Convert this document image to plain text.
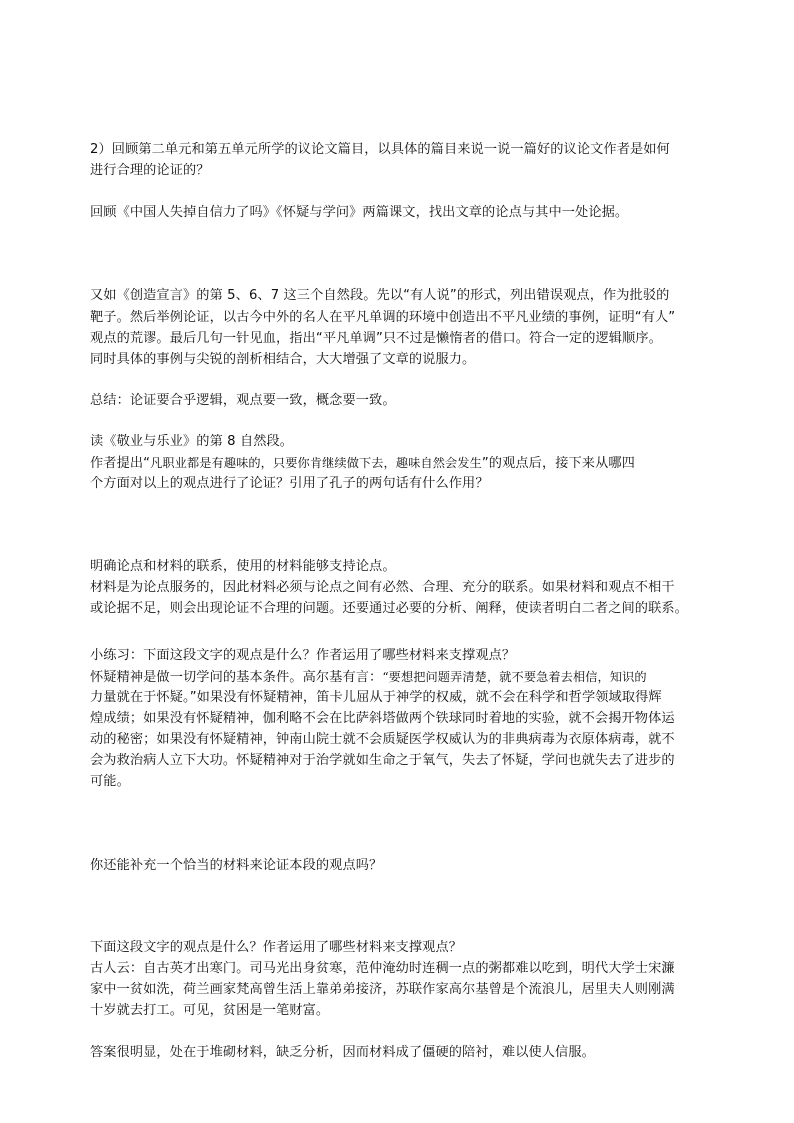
2）回顾第二单元和第五单元所学的议论文篇目，以具体的篇目来说一说一篇好的议论文作者是如何
进行合理的论证的？
回顾《中国人失掉自信力了吗》《怀疑与学问》两篇课文，找出文章的论点与其中一处论据。
又如《创造宣言》的第 5、6、7 这三个自然段。先以“有人说”的形式，列出错误观点，作为批驳的
靶子。然后举例论证，以古今中外的名人在平凡单调的环境中创造出不平凡业绩的事例，证明“有人”
观点的荒谬。最后几句一针见血，指出“平凡单调”只不过是懒惰者的借口。符合一定的逻辑顺序。
同时具体的事例与尖锐的剖析相结合，大大增强了文章的说服力。
总结：论证要合乎逻辑，观点要一致，概念要一致。
读《敬业与乐业》的第 8 自然段。
作者提出“凡职业都是有趣味的，只要你肯继续做下去，趣味自然会发生”的观点后，接下来从哪四
个方面对以上的观点进行了论证？引用了孔子的两句话有什么作用？
明确论点和材料的联系，使用的材料能够支持论点。
材料是为论点服务的，因此材料必须与论点之间有必然、合理、充分的联系。如果材料和观点不相干
或论据不足，则会出现论证不合理的问题。还要通过必要的分析、阐释，使读者明白二者之间的联系。
小练习：下面这段文字的观点是什么？作者运用了哪些材料来支撑观点？
怀疑精神是做一切学问的基本条件。高尔基有言：“要想把问题弄清楚，就不要急着去相信，知识的
力量就在于怀疑。”如果没有怀疑精神，笛卡儿屈从于神学的权威，就不会在科学和哲学领域取得辉
煌成绩；如果没有怀疑精神，伽利略不会在比萨斜塔做两个铁球同时着地的实验，就不会揭开物体运
动的秘密；如果没有怀疑精神，钟南山院士就不会质疑医学权威认为的非典病毒为衣原体病毒，就不
会为救治病人立下大功。怀疑精神对于治学就如生命之于氧气，失去了怀疑，学问也就失去了进步的
可能。
你还能补充一个恰当的材料来论证本段的观点吗？
下面这段文字的观点是什么？作者运用了哪些材料来支撑观点？
古人云：自古英才出寒门。司马光出身贫寒，范仲淹幼时连稠一点的粥都难以吃到，明代大学士宋濂
家中一贫如洗，荷兰画家梵高曾生活上靠弟弟接济，苏联作家高尔基曾是个流浪儿，居里夫人则刚满
十岁就去打工。可见，贫困是一笔财富。
答案很明显，处在于堆砌材料，缺乏分析，因而材料成了僵硬的陪衬，难以使人信服。
